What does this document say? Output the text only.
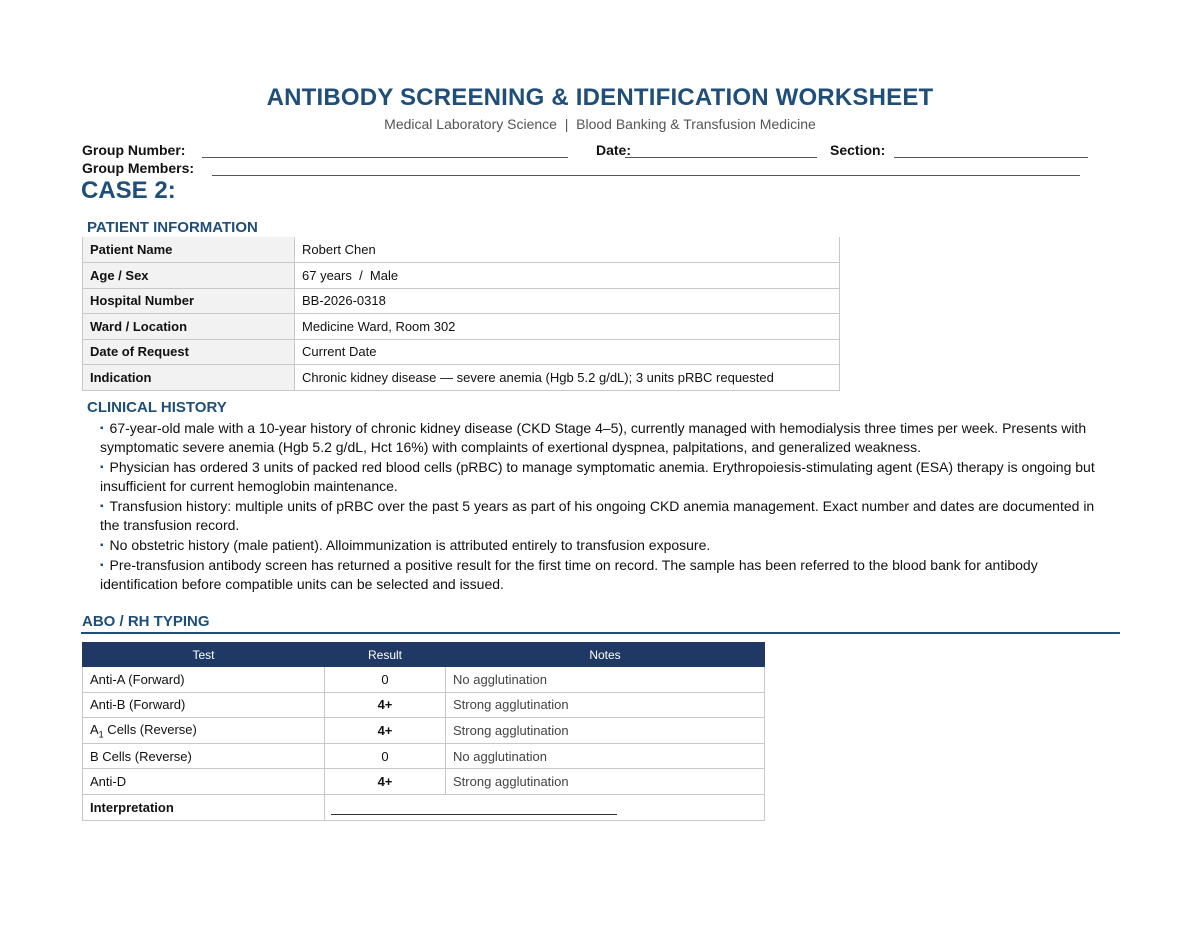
ANTIBODY SCREENING & IDENTIFICATION WORKSHEET
Medical Laboratory Science  |  Blood Banking & Transfusion Medicine
Group Number:	Date:	Section:
Group Members:
CASE 2:
PATIENT INFORMATION
Patient Name	Robert Chen
Age / Sex	67 years  /  Male
Hospital Number	BB-2026-0318
Ward / Location	Medicine Ward, Room 302
Date of Request	Current Date
Indication	Chronic kidney disease — severe anemia (Hgb 5.2 g/dL); 3 units pRBC requested
CLINICAL HISTORY
▪ 67-year-old male with a 10-year history of chronic kidney disease (CKD Stage 4–5), currently managed with hemodialysis three times per week. Presents with symptomatic severe anemia (Hgb 5.2 g/dL, Hct 16%) with complaints of exertional dyspnea, palpitations, and generalized weakness.
▪ Physician has ordered 3 units of packed red blood cells (pRBC) to manage symptomatic anemia. Erythropoiesis-stimulating agent (ESA) therapy is ongoing but insufficient for current hemoglobin maintenance.
▪ Transfusion history: multiple units of pRBC over the past 5 years as part of his ongoing CKD anemia management. Exact number and dates are documented in the transfusion record.
▪ No obstetric history (male patient). Alloimmunization is attributed entirely to transfusion exposure.
▪ Pre-transfusion antibody screen has returned a positive result for the first time on record. The sample has been referred to the blood bank for antibody identification before compatible units can be selected and issued.
ABO / RH TYPING
Test	Result	Notes
Anti-A (Forward)	0	No agglutination
Anti-B (Forward)	4+	Strong agglutination
$A_1$ Cells (Reverse)	4+	Strong agglutination
B Cells (Reverse)	0	No agglutination
Anti-D	4+	Strong agglutination
Interpretation		
